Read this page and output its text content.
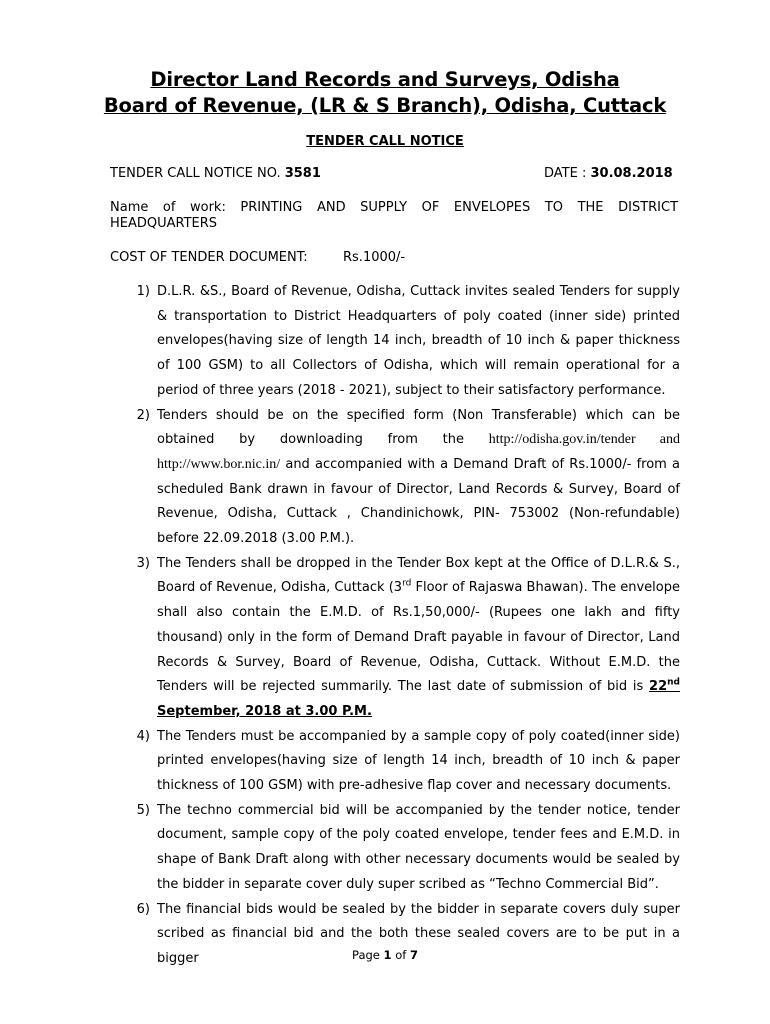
Director Land Records and Surveys, Odisha
Board of Revenue, (LR & S Branch), Odisha, Cuttack
TENDER CALL NOTICE
TENDER CALL NOTICE NO. 3581	DATE : 30.08.2018
Name of work: PRINTING AND SUPPLY OF ENVELOPES TO THE DISTRICT
HEADQUARTERS
COST OF TENDER DOCUMENT:	Rs.1000/-
1) D.L.R. &S., Board of Revenue, Odisha, Cuttack invites sealed Tenders for supply & transportation to District Headquarters of poly coated (inner side) printed envelopes(having size of length 14 inch, breadth of 10 inch & paper thickness of 100 GSM) to all Collectors of Odisha, which will remain operational for a period of three years (2018 - 2021), subject to their satisfactory performance.
2) Tenders should be on the specified form (Non Transferable) which can be obtained by downloading from the http://odisha.gov.in/tender and http://www.bor.nic.in/ and accompanied with a Demand Draft of Rs.1000/- from a scheduled Bank drawn in favour of Director, Land Records & Survey, Board of Revenue, Odisha, Cuttack , Chandinichowk, PIN- 753002 (Non-refundable) before 22.09.2018 (3.00 P.M.).
3) The Tenders shall be dropped in the Tender Box kept at the Office of D.L.R.& S., Board of Revenue, Odisha, Cuttack (3rd Floor of Rajaswa Bhawan). The envelope shall also contain the E.M.D. of Rs.1,50,000/- (Rupees one lakh and fifty thousand) only in the form of Demand Draft payable in favour of Director, Land Records & Survey, Board of Revenue, Odisha, Cuttack. Without E.M.D. the Tenders will be rejected summarily. The last date of submission of bid is 22nd September, 2018 at 3.00 P.M.
4) The Tenders must be accompanied by a sample copy of poly coated(inner side) printed envelopes(having size of length 14 inch, breadth of 10 inch & paper thickness of 100 GSM) with pre-adhesive flap cover and necessary documents.
5) The techno commercial bid will be accompanied by the tender notice, tender document, sample copy of the poly coated envelope, tender fees and E.M.D. in shape of Bank Draft along with other necessary documents would be sealed by the bidder in separate cover duly super scribed as “Techno Commercial Bid”.
6) The financial bids would be sealed by the bidder in separate covers duly super scribed as financial bid and the both these sealed covers are to be put in a bigger	Page 1 of 7
